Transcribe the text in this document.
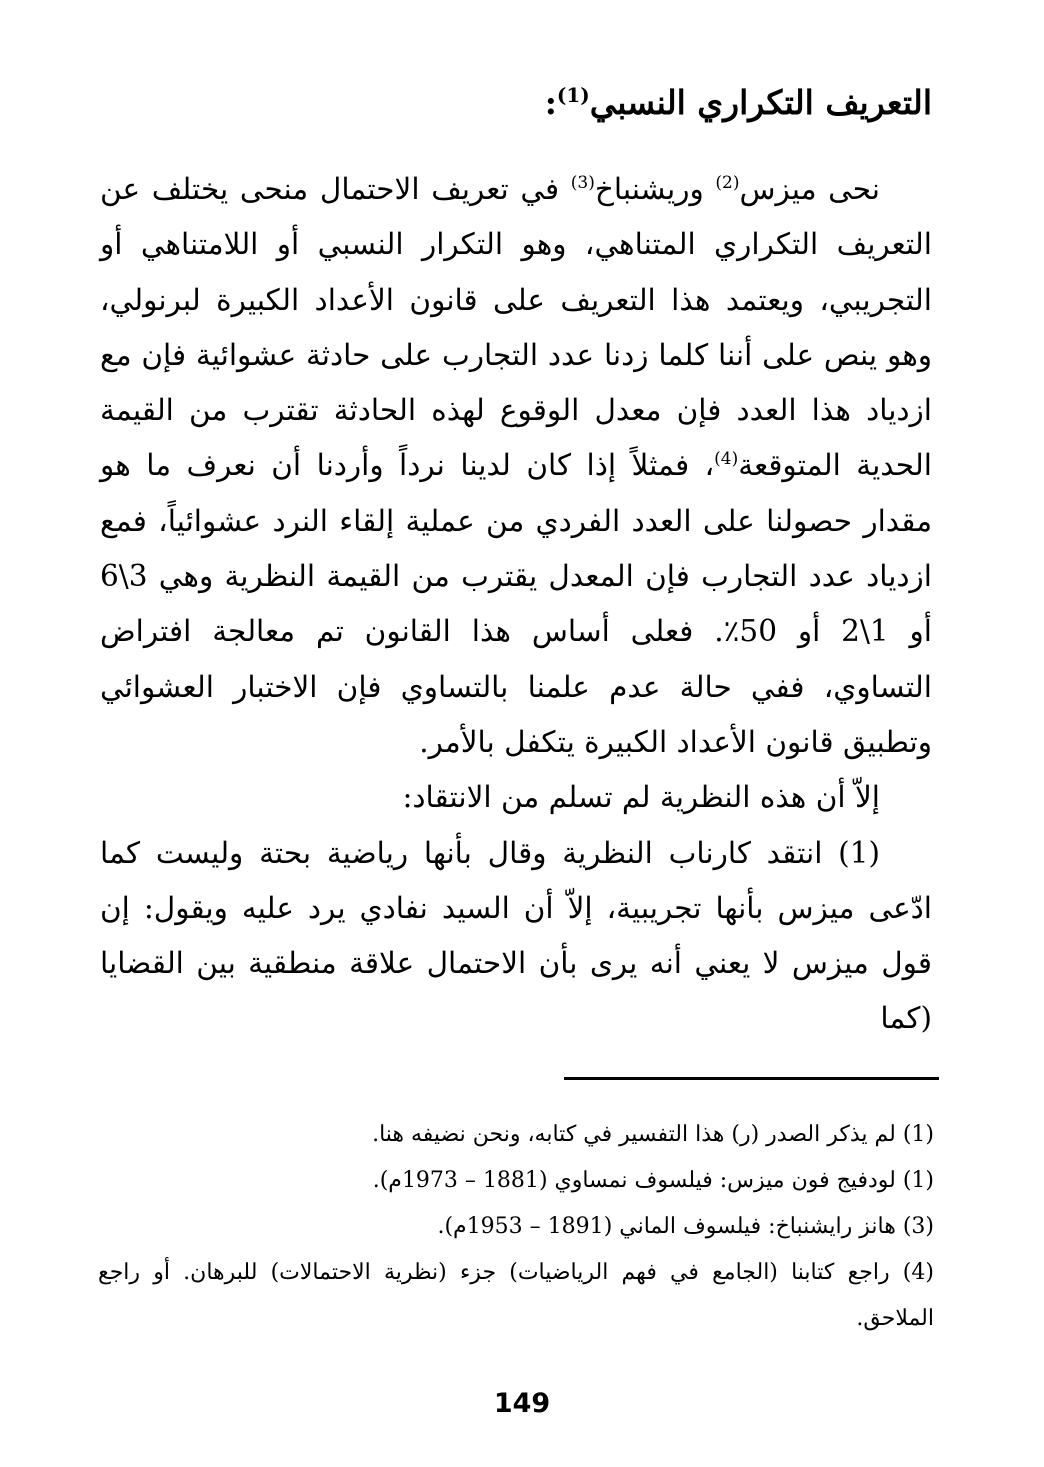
التعريف التكراري النسبي$^{(1)}$:

نحى ميزس$^{(2)}$ وريشنباخ$^{(3)}$ في تعريف الاحتمال منحى يختلف عن التعريف التكراري المتناهي، وهو التكرار النسبي أو اللامتناهي أو التجريبي، ويعتمد هذا التعريف على قانون الأعداد الكبيرة لبرنولي، وهو ينص على أننا كلما زدنا عدد التجارب على حادثة عشوائية فإن مع ازدياد هذا العدد فإن معدل الوقوع لهذه الحادثة تقترب من القيمة الحدية المتوقعة$^{(4)}$، فمثلاً إذا كان لدينا نرداً وأردنا أن نعرف ما هو مقدار حصولنا على العدد الفردي من عملية إلقاء النرد عشوائياً، فمع ازدياد عدد التجارب فإن المعدل يقترب من القيمة النظرية وهي 3\6 أو 1\2 أو 50٪. فعلى أساس هذا القانون تم معالجة افتراض التساوي، ففي حالة عدم علمنا بالتساوي فإن الاختبار العشوائي وتطبيق قانون الأعداد الكبيرة يتكفل بالأمر.

إلاّ أن هذه النظرية لم تسلم من الانتقاد:

(1) انتقد كارناب النظرية وقال بأنها رياضية بحتة وليست كما ادّعى ميزس بأنها تجريبية، إلاّ أن السيد نفادي يرد عليه ويقول: إن قول ميزس لا يعني أنه يرى بأن الاحتمال علاقة منطقية بين القضايا (كما

(1) لم يذكر الصدر (ر) هذا التفسير في كتابه، ونحن نضيفه هنا.

(1) لودفيج فون ميزس: فيلسوف نمساوي (1881 – 1973م).

(3) هانز رايشنباخ: فيلسوف الماني (1891 – 1953م).

(4) راجع كتابنا (الجامع في فهم الرياضيات) جزء (نظرية الاحتمالات) للبرهان. أو راجع الملاحق.

149
